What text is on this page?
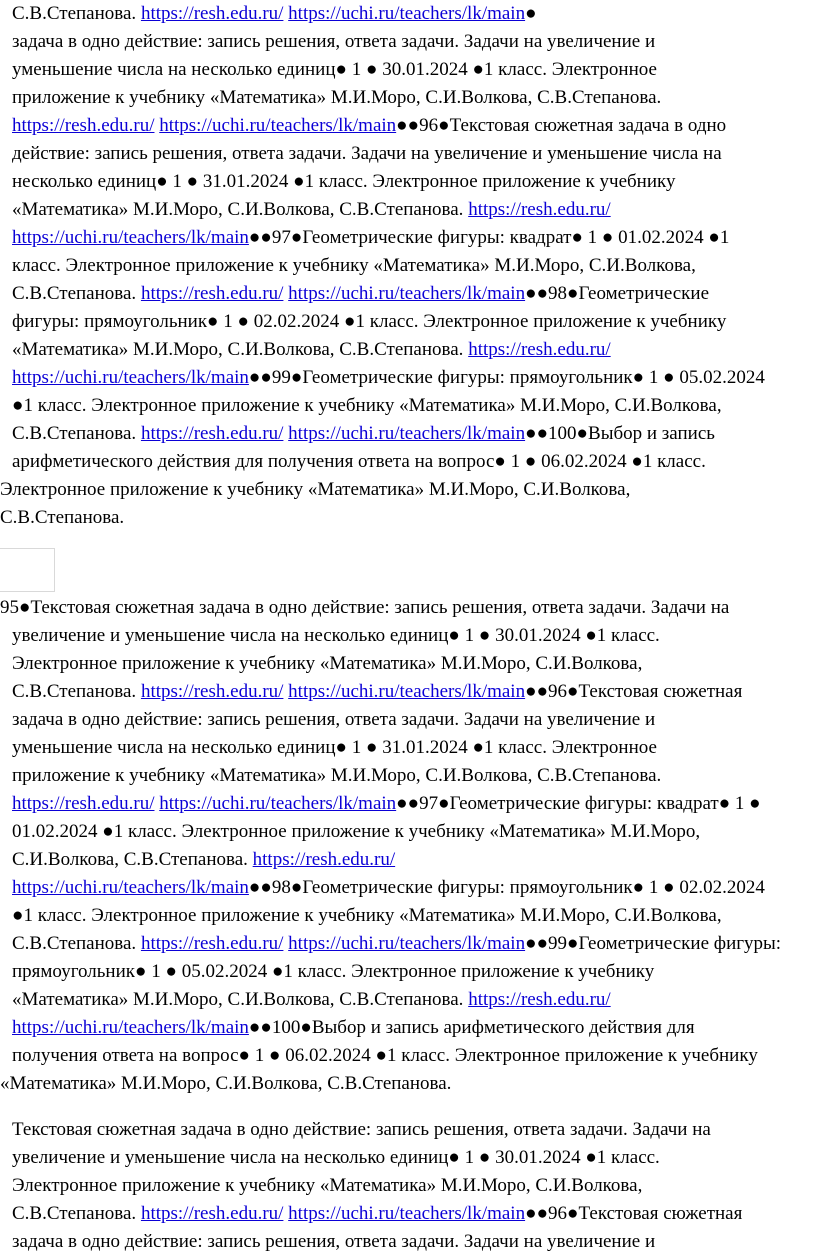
С.В.Степанова. https://resh.edu.ru/ https://uchi.ru/teachers/lk/main●
задача в одно действие: запись решения, ответа задачи. Задачи на увеличение и
уменьшение числа на несколько единиц● 1 ● 30.01.2024 ●1 класс. Электронное
приложение к учебнику «Математика» М.И.Моро, С.И.Волкова, С.В.Степанова.
https://resh.edu.ru/ https://uchi.ru/teachers/lk/main●●96●Текстовая сюжетная задача в одно
действие: запись решения, ответа задачи. Задачи на увеличение и уменьшение числа на
несколько единиц● 1 ● 31.01.2024 ●1 класс. Электронное приложение к учебнику
«Математика» М.И.Моро, С.И.Волкова, С.В.Степанова. https://resh.edu.ru/
https://uchi.ru/teachers/lk/main●●97●Геометрические фигуры: квадрат● 1 ● 01.02.2024 ●1
класс. Электронное приложение к учебнику «Математика» М.И.Моро, С.И.Волкова,
С.В.Степанова. https://resh.edu.ru/ https://uchi.ru/teachers/lk/main●●98●Геометрические
фигуры: прямоугольник● 1 ● 02.02.2024 ●1 класс. Электронное приложение к учебнику
«Математика» М.И.Моро, С.И.Волкова, С.В.Степанова. https://resh.edu.ru/
https://uchi.ru/teachers/lk/main●●99●Геометрические фигуры: прямоугольник● 1 ● 05.02.2024
●1 класс. Электронное приложение к учебнику «Математика» М.И.Моро, С.И.Волкова,
С.В.Степанова. https://resh.edu.ru/ https://uchi.ru/teachers/lk/main●●100●Выбор и запись
арифметического действия для получения ответа на вопрос● 1 ● 06.02.2024 ●1 класс.
Электронное приложение к учебнику «Математика» М.И.Моро, С.И.Волкова,
С.В.Степанова.
95●Текстовая сюжетная задача в одно действие: запись решения, ответа задачи. Задачи на
увеличение и уменьшение числа на несколько единиц● 1 ● 30.01.2024 ●1 класс.
Электронное приложение к учебнику «Математика» М.И.Моро, С.И.Волкова,
С.В.Степанова. https://resh.edu.ru/ https://uchi.ru/teachers/lk/main●●96●Текстовая сюжетная
задача в одно действие: запись решения, ответа задачи. Задачи на увеличение и
уменьшение числа на несколько единиц● 1 ● 31.01.2024 ●1 класс. Электронное
приложение к учебнику «Математика» М.И.Моро, С.И.Волкова, С.В.Степанова.
https://resh.edu.ru/ https://uchi.ru/teachers/lk/main●●97●Геометрические фигуры: квадрат● 1 ●
01.02.2024 ●1 класс. Электронное приложение к учебнику «Математика» М.И.Моро,
С.И.Волкова, С.В.Степанова. https://resh.edu.ru/
https://uchi.ru/teachers/lk/main●●98●Геометрические фигуры: прямоугольник● 1 ● 02.02.2024
●1 класс. Электронное приложение к учебнику «Математика» М.И.Моро, С.И.Волкова,
С.В.Степанова. https://resh.edu.ru/ https://uchi.ru/teachers/lk/main●●99●Геометрические фигуры:
прямоугольник● 1 ● 05.02.2024 ●1 класс. Электронное приложение к учебнику
«Математика» М.И.Моро, С.И.Волкова, С.В.Степанова. https://resh.edu.ru/
https://uchi.ru/teachers/lk/main●●100●Выбор и запись арифметического действия для
получения ответа на вопрос● 1 ● 06.02.2024 ●1 класс. Электронное приложение к учебнику
«Математика» М.И.Моро, С.И.Волкова, С.В.Степанова.
Текстовая сюжетная задача в одно действие: запись решения, ответа задачи. Задачи на
увеличение и уменьшение числа на несколько единиц● 1 ● 30.01.2024 ●1 класс.
Электронное приложение к учебнику «Математика» М.И.Моро, С.И.Волкова,
С.В.Степанова. https://resh.edu.ru/ https://uchi.ru/teachers/lk/main●●96●Текстовая сюжетная
задача в одно действие: запись решения, ответа задачи. Задачи на увеличение и
